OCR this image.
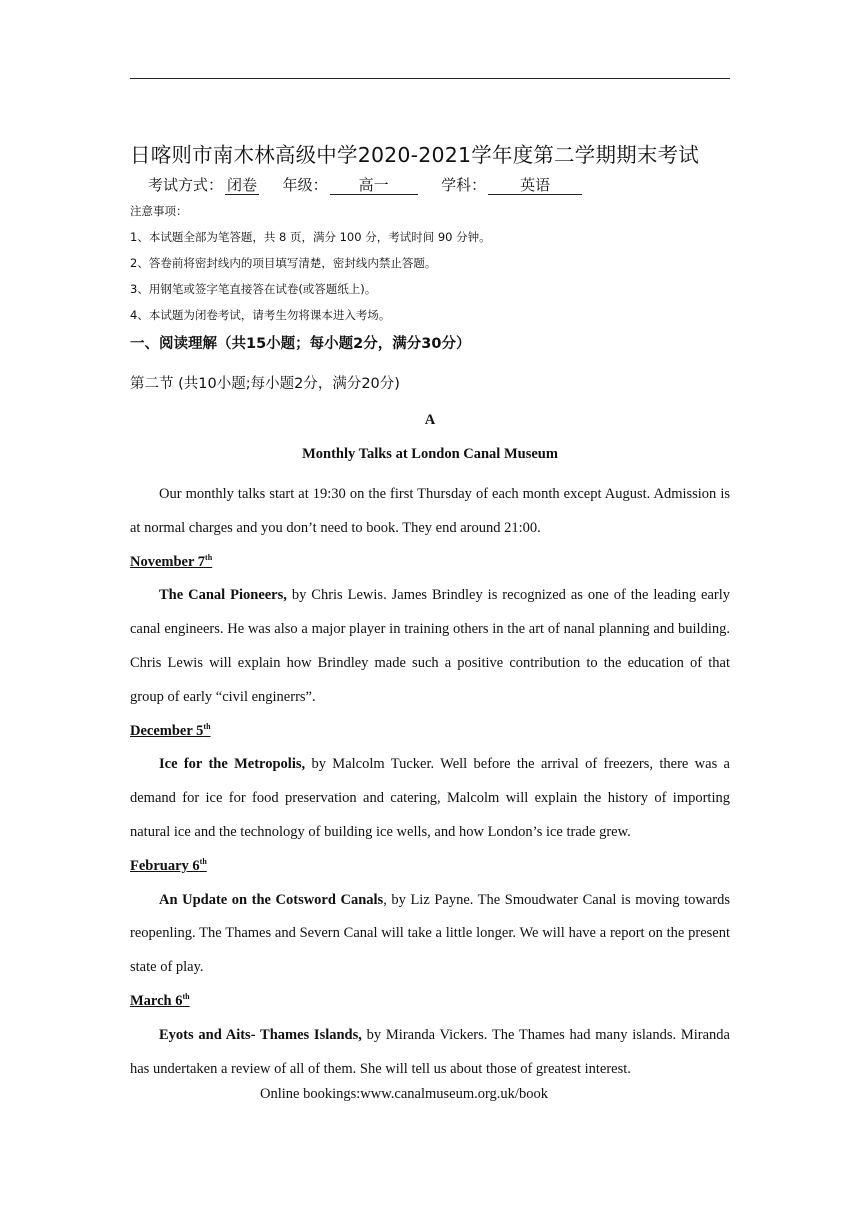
日喀则市南木林高级中学2020-2021学年度第二学期期末考试
考试方式： 闭卷 年级： 高一	学科： 英语
注意事项：
1、本试题全部为笔答题，共 8 页，满分 100 分，考试时间 90 分钟。
2、答卷前将密封线内的项目填写清楚，密封线内禁止答题。
3、用钢笔或签字笔直接答在试卷(或答题纸上)。
4、本试题为闭卷考试，请考生勿将课本进入考场。
一、阅读理解（共15小题；每小题2分，满分30分）
第二节 (共10小题;每小题2分，满分20分)
A
Monthly Talks at London Canal Museum

Our monthly talks start at 19:30 on the first Thursday of each month except August. Admission is at normal charges and you don’t need to book. They end around 21:00.

November 7th

The Canal Pioneers, by Chris Lewis. James Brindley is recognized as one of the leading early canal engineers. He was also a major player in training others in the art of nanal planning and building. Chris Lewis will explain how Brindley made such a positive contribution to the education of that group of early “civil enginerrs”.

December 5th

Ice for the Metropolis, by Malcolm Tucker. Well before the arrival of freezers, there was a demand for ice for food preservation and catering, Malcolm will explain the history of importing natural ice and the technology of building ice wells, and how London’s ice trade grew.

February 6th

An Update on the Cotsword Canals, by Liz Payne. The Smoudwater Canal is moving towards reopenling. The Thames and Severn Canal will take a little longer. We will have a report on the present state of play.

March 6th

Eyots and Aits- Thames Islands, by Miranda Vickers. The Thames had many islands. Miranda has undertaken a review of all of them. She will tell us about those of greatest interest.

Online bookings:www.canalmuseum.org.uk/book
